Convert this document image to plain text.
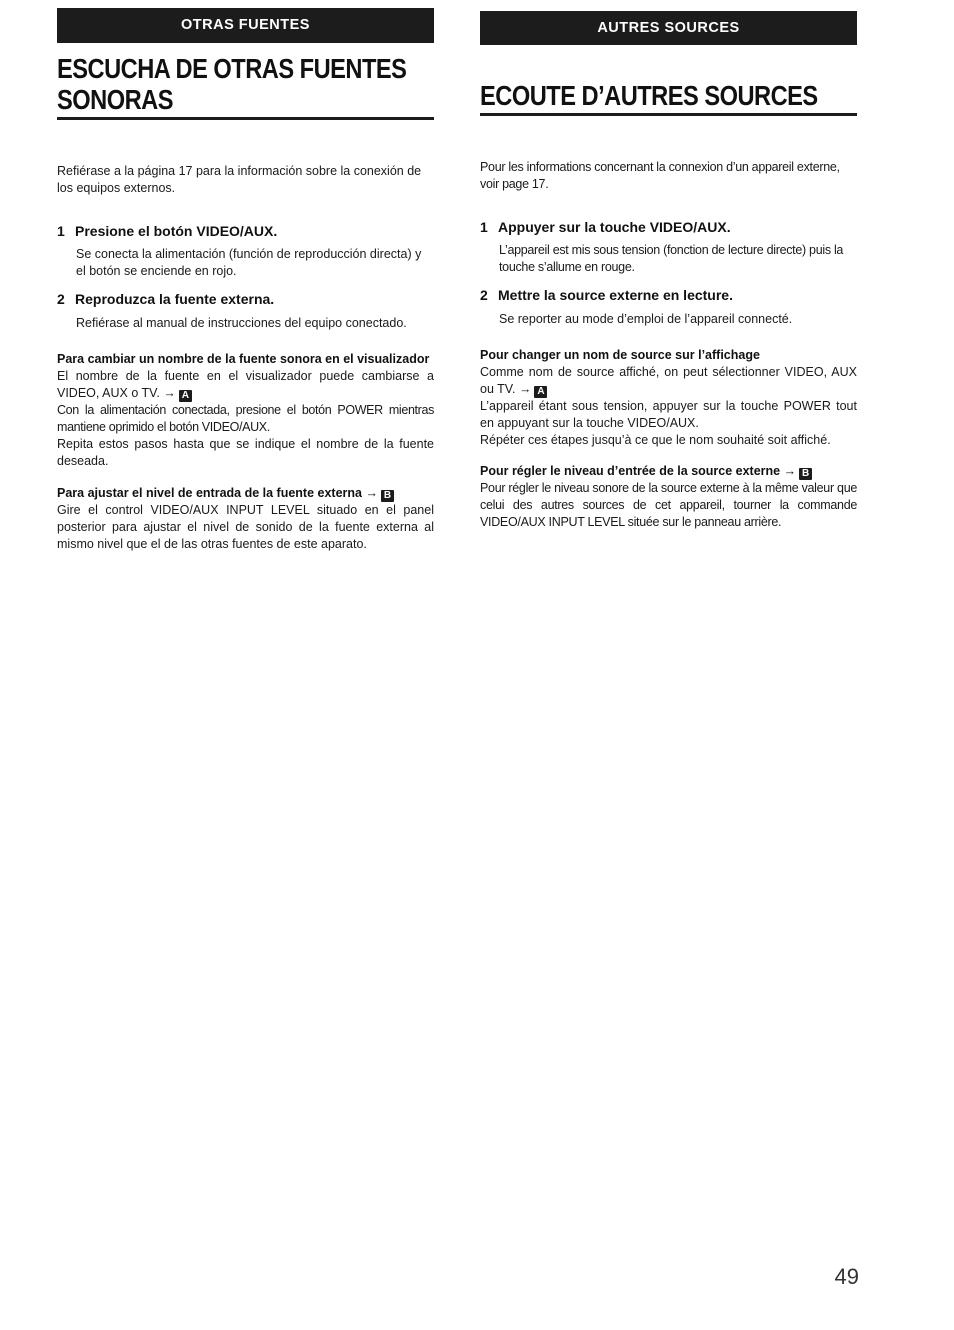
OTRAS FUENTES
ESCUCHA DE OTRAS FUENTES
SONORAS

Refiérase a la página 17 para la información sobre la conexión de los equipos externos.

1 Presione el botón VIDEO/AUX.

Se conecta la alimentación (función de reproducción directa) y el botón se enciende en rojo.

2 Reproduzca la fuente externa.

Refiérase al manual de instrucciones del equipo conectado.

Para cambiar un nombre de la fuente sonora en el visualizador

El nombre de la fuente en el visualizador puede cambiarse a VIDEO, AUX o TV. → A

Con la alimentación conectada, presione el botón POWER mientras mantiene oprimido el botón VIDEO/AUX.

Repita estos pasos hasta que se indique el nombre de la fuente deseada.

Para ajustar el nivel de entrada de la fuente externa → B

Gire el control VIDEO/AUX INPUT LEVEL situado en el panel posterior para ajustar el nivel de sonido de la fuente externa al mismo nivel que el de las otras fuentes de este aparato.

AUTRES SOURCES
ECOUTE D’AUTRES SOURCES

Pour les informations concernant la connexion d’un appareil externe, voir page 17.

1 Appuyer sur la touche VIDEO/AUX.

L’appareil est mis sous tension (fonction de lecture directe) puis la touche s’allume en rouge.

2 Mettre la source externe en lecture.

Se reporter au mode d’emploi de l’appareil connecté.

Pour changer un nom de source sur l’affichage

Comme nom de source affiché, on peut sélectionner VIDEO, AUX ou TV. → A

L’appareil étant sous tension, appuyer sur la touche POWER tout en appuyant sur la touche VIDEO/AUX.

Répéter ces étapes jusqu’à ce que le nom souhaité soit affiché.

Pour régler le niveau d’entrée de la source externe → B

Pour régler le niveau sonore de la source externe à la même valeur que celui des autres sources de cet appareil, tourner la commande VIDEO/AUX INPUT LEVEL située sur le panneau arrière.

49
